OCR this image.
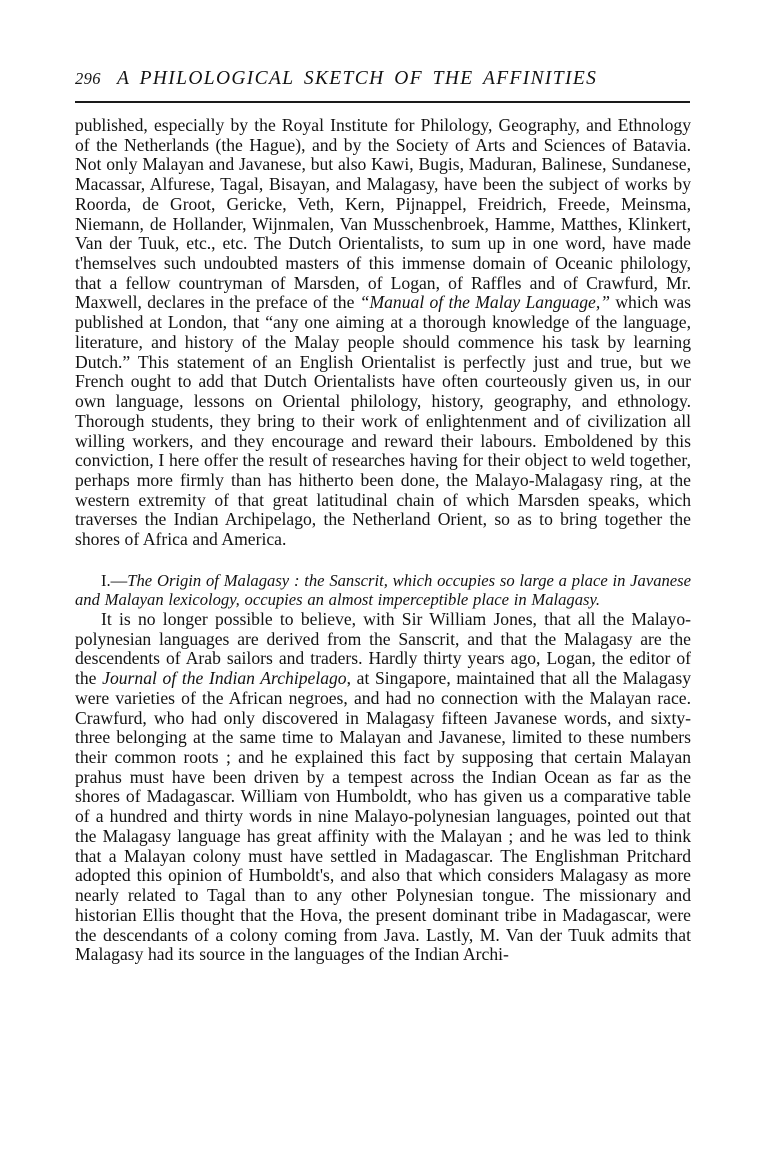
296 A PHILOLOGICAL SKETCH OF THE AFFINITIES

published, especially by the Royal Institute for Philology, Geography, and Ethnology of the Netherlands (the Hague), and by the Society of Arts and Sciences of Batavia. Not only Malayan and Javanese, but also Kawi, Bugis, Maduran, Balinese, Sundanese, Macassar, Alfurese, Tagal, Bisayan, and Malagasy, have been the subject of works by Roorda, de Groot, Gericke, Veth, Kern, Pijnappel, Freidrich, Freede, Meinsma, Niemann, de Hollander, Wijnmalen, Van Musschenbroek, Hamme, Matthes, Klinkert, Van der Tuuk, etc., etc. The Dutch Orientalists, to sum up in one word, have made t'hemselves such undoubted masters of this immense domain of Oceanic philology, that a fellow countryman of Marsden, of Logan, of Raffles and of Crawfurd, Mr. Maxwell, declares in the preface of the “Manual of the Malay Language,” which was published at London, that “any one aiming at a thorough knowledge of the language, literature, and history of the Malay people should commence his task by learning Dutch.” This statement of an English Orientalist is perfectly just and true, but we French ought to add that Dutch Orientalists have often courteously given us, in our own language, lessons on Oriental philology, history, geography, and ethnology. Thorough students, they bring to their work of enlightenment and of civilization all willing workers, and they encourage and reward their labours. Emboldened by this conviction, I here offer the result of researches having for their object to weld together, perhaps more firmly than has hitherto been done, the Malayo-Malagasy ring, at the western extremity of that great latitudinal chain of which Marsden speaks, which traverses the Indian Archipelago, the Netherland Orient, so as to bring together the shores of Africa and America.

I.—The Origin of Malagasy : the Sanscrit, which occupies so large a place in Javanese and Malayan lexicology, occupies an almost imperceptible place in Malagasy.

It is no longer possible to believe, with Sir William Jones, that all the Malayo-polynesian languages are derived from the Sanscrit, and that the Malagasy are the descendents of Arab sailors and traders. Hardly thirty years ago, Logan, the editor of the Journal of the Indian Archipelago, at Singapore, maintained that all the Malagasy were varieties of the African negroes, and had no connection with the Malayan race. Crawfurd, who had only discovered in Malagasy fifteen Javanese words, and sixty-three belonging at the same time to Malayan and Javanese, limited to these numbers their common roots ; and he explained this fact by supposing that certain Malayan prahus must have been driven by a tempest across the Indian Ocean as far as the shores of Madagascar. William von Humboldt, who has given us a comparative table of a hundred and thirty words in nine Malayo-polynesian languages, pointed out that the Malagasy language has great affinity with the Malayan ; and he was led to think that a Malayan colony must have settled in Madagascar. The Englishman Pritchard adopted this opinion of Humboldt's, and also that which considers Malagasy as more nearly related to Tagal than to any other Polynesian tongue. The missionary and historian Ellis thought that the Hova, the present dominant tribe in Madagascar, were the descendants of a colony coming from Java. Lastly, M. Van der Tuuk admits that Malagasy had its source in the languages of the Indian Archi-
